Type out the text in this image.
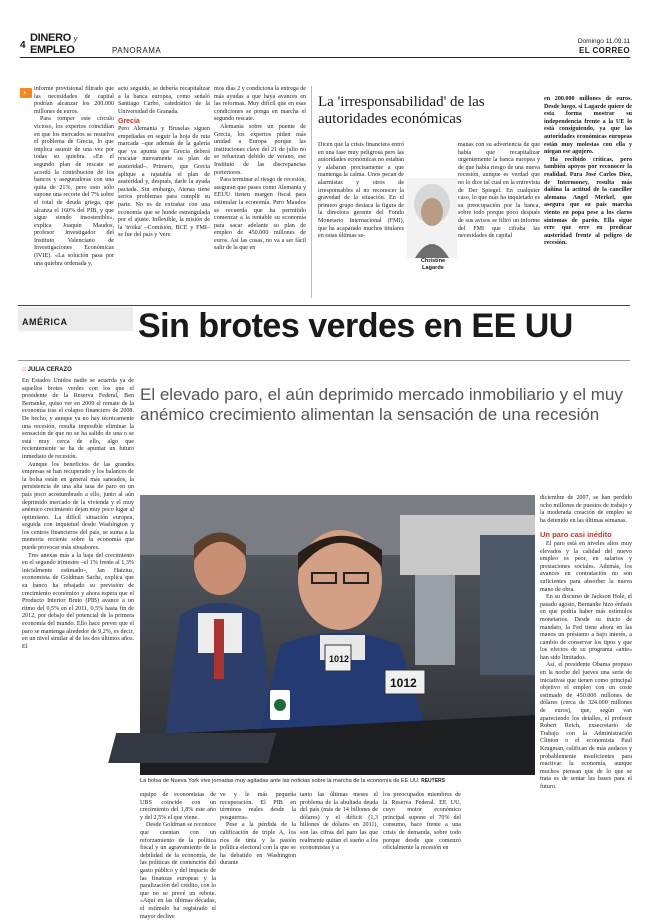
4
DINERO y
EMPLEO	PANORAMA
Domingo 11.09.11
EL CORREO
›

informe provisional filtrado que las necesidades de capital podrían alcanzar los 200.000 millones de euros.

Para romper este círculo vicioso, los expertos coincidían en que los mercados se resuelva el problema de Grecia, lo que implica asumir de una vez por todas su quiebra. «En el segundo plan de rescate se acordó la contribución de los bancos y aseguradoras con una quita de 21%, pero esto sólo supone una recorte del 7% sobre el total de deuda griega, que alcanza el 160% del PIB, y que sigue siendo insostenible», explica Joaquín Maudos, profesor investigador del Instituto Valenciano de Investigaciones Económicas (IVIE). «La solución pasa por una quiebra ordenada y,

acto seguido, se debería recapitalizar a la banca europea, como señaló Santiago Carbó, catedrático de la Universidad de Granada.

Grecia

Pero Alemania y Bruselas siguen empeñadas en seguir la hoja de ruta marcada –que además de la galería que ya apunta que Grecia deberá rescatar nuevamente su plan de austeridad–. Primero, que Grecia aplique a rajatabla el plan de austeridad y, después, darle la ayuda pactada. Sin embargo, Atenas tiene serios problemas para cumplir su parte. No es de extrañar con una economía que se hunde estrangulada por el ajuste. Inflexible, la misión de la 'troika' –Comisión, BCE y FMI– se fue del país y 'vere

mos días 2 y condiciona la entrega de más ayudas a que haya avances en las reformas. Muy difícil que en esas condiciones se ponga en marcha el segundo rescate.

Alemania sobre un puente de Grecia, los expertos piden más unidad a Europa porque las instituciones clave del 21 de julio no se refuerzan debido de verano, ese Instituto de las discrepancias porteriores.

Para terminar el riesgo de recesión, aseguran que pases como Alemania y EEUU tienen margen fiscal para estimular la economía. Pero Maudos se recuerda que ha permitido comenzar a la rentable su economía para sacar adelante su plan de empleo de 450.000 millones de euros. Así las cosas, no va a ser fácil salir de la que en

La 'irresponsabilidad' de las autoridades económicas

Dicen que la crisis financiera entró en una fase muy peligrosa pero las autoridades económicas no estaban y alabaran precisamente a que mantenga la calma. Unos pecan de alarmistas y otros de irresponsables al no reconocer la gravedad de la situación. En el primero grupo destaca la figura de la directora gerente del Fondo Monetario Internacional (FMI), que ha acaparado muchos titulares en estas últimas se-

Christine
Lagarde

manas con su advertencia de que había que recapitalizar urgentemente la banca europea y de que había riesgo de una nueva recesión, aunque es verdad que no lo dice tal cual en la entrevista de Der Spiegel. En cualquier caso, lo que más ha inquietado es su preocupación por la banca, sobre todo porque poco después de sus avisos se filtró un informe del FMI que cifraba las necesidades de capital

en 200.000 millones de euros. Desde luego, si Lagarde quiere de esta forma mostrar su independencia frente a la UE lo está consiguiendo, ya que las autoridades económicas europeas están muy molestas con ella y niegan ese agujero.

Ha recibido críticas, pero también apoyos por reconocer la realidad. Para José Carlos Díez, de Intermoney, resulta más dañina la actitud de la canciller alemana Angel Merkel, que asegura que su país marcha viento en popa pese a los claros síntomas de parón. Ella sigue erre que erre en predicar austeridad frente al peligro de recesión.

AMÉRICA Sin brotes verdes en EE UU
:: JULIA CERAZO
El elevado paro, el aún deprimido mercado inmobiliario y el muy anémico crecimiento alimentan la sensación de una recesión

En Estados Unidos nadie se acuerda ya de aquellos brotes verdes con los que el presidente de la Reserva Federal, Ben Bernanke, quiso ver en 2009 el remate de la economía tras el colapso financiero de 2008. De hecho, y aunque ya no hay técnicamente una recesión, resulta imposible eliminar la sensación de que no se ha salido de una o se está muy cerca de ello, algo que recientemente se ha de apuntar un futuro inmediato de recesión.

Aunque los beneficios de las grandes empresas se han recuperado y los balances de la bolsa están en general más saneados, la persistencia de una alta tasa de paro en un país poco acostumbrado a ello, junto al aún deprimido mercado de la vivienda y el muy anémico crecimiento dejan muy poco lugar al optimismo. La difícil situación europea, seguida con inquietud desde Washington y los centros financieros del país, se suma a la memoria reciente sobre la economía que puede provocar más sinsabores.

Tres anexas más a la baja del crecimiento en el segundo trimestre –el 1% frente al 1,3% inicialmente estimado–, Jan Hatzius, economista de Goldman Sachs, explica que su banco ha rebajado su previsión de crecimiento económico y ahora espera que el Producto Interior Bruto (PIB) avance a un ritmo del 0,5% en el 2011, 0,5% hasta fin de 2012, por debajo del potencial de la primera economía del mundo. Ello hace prever que el paro se mantenga alrededor de 9,2%, es decir, en un nivel similar al de los dos últimos años. El

1012
1012
La bolsa de Nueva York vive jornadas muy agitadas ante las noticias sobre la marcha de la economía de EE UU. REUTERS

equipo de economistas de UBS coincide con un crecimiento del 1,8% este año y del 2,5% el que viene.

Desde Goldman se reconoce que cuentan con un reforzamiento de la política fiscal y un agravamiento de la debilidad de la economía, de las políticas de contención del gasto público y del impacto de las finanzas europeas y la paralización del crédito, con lo que no se prevé un rebote. «Aquí en las últimas décadas, el estímulo ha registrado el mayor declive

ve y le más pequeña recuperación. El PIB en términos reales desde la posguerra».

Pese a la pérdida de la calificación de triple A, los ríos de tinta y la pasión política electoral con la que se ha debatido en Washington durante

tanto las últimas meses el problema de la abultada deuda del país (más de 14 billones de dólares) y el déficit (1,3 billones de dólares en 2011), son las cifras del paro las que realmente quitan el sueño a los economistas y a

los preocupados miembros de la Reserva Federal. EE UU, cuyo motor económico principal supone el 70% del consumo, hace frente a una crisis de demanda, sobre todo porque desde que comenzó oficialmente la recesión en

diciembre de 2007, se han perdido ocho millones de puestos de trabajo y la moderada creación de empleo se ha detenido en las últimas semanas.

Un paro casi inédito

El paro está en niveles altos muy elevados y la calidad del nuevo empleo es peor, en salarios y prestaciones sociales. Además, los avances en contratación no son suficientes para absorber la nueva mano de obra.

En su discurso de Jackson Hole, el pasado agosto, Bernanke hizo énfasis en que podría haber más estímulos monetarios. Desde su inicio de mandato, la Fed tiene ahora en las manos un préstamo a bajo interés, a cambio de conservar los tipos y que los efectos de su programa «ante» han sido limitados.

Así, el presidente Obama propuso en la noche del jueves una serie de iniciativas que tienen como principal objetivo el empleo con un coste estimado de 450.000 millones de dólares (cerca de 324.000 millones de euros), que, según van apareciendo los detalles, el profesor Robert Reich, exsecretario de Trabajo con la Administración Clinton o el economista Paul Krugman, califican de más audaces y probablemente insuficientes para reactivar la economía, aunque muchos piensan que de lo que se trata es de sentar las bases para el futuro.
